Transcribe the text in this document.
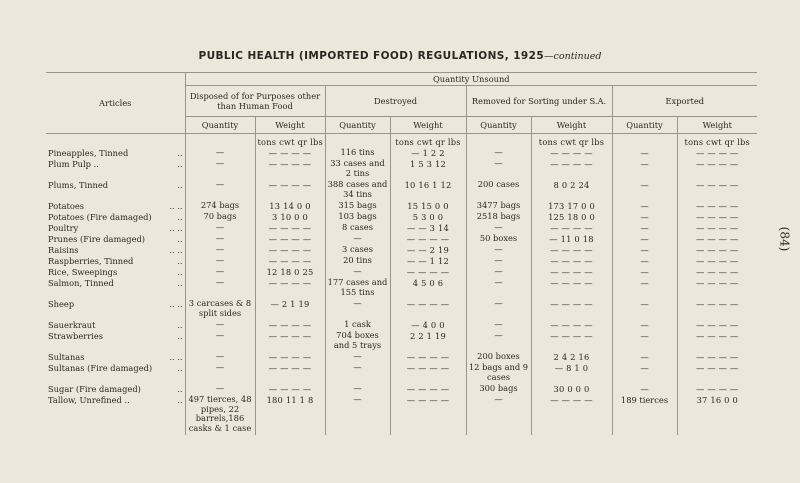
PUBLIC HEALTH (IMPORTED FOOD) REGULATIONS, 1925—continued
Articles	Quantity Unsound							
	Disposed of for Purposes other than Human Food		Destroyed		Removed for Sorting under S.A.		Exported	
	Quantity	Weight	Quantity	Weight	Quantity	Weight	Quantity	Weight
		tons cwt qr lbs		tons cwt qr lbs		tons cwt qr lbs		tons cwt qr lbs
Pineapples, Tinned ..	—	— — — —	116 tins	— 1 2 2	—	— — — —	—	— — — —
Plum Pulp .. ..	—	— — — —	33 cases and 2 tins	1 5 3 12	—	— — — —	—	— — — —
Plums, Tinned ..	—	— — — —	388 cases and 34 tins	10 16 1 12	200 cases	8 0 2 24	—	— — — —
Potatoes .. ..	274 bags	13 14 0 0	315 bags	15 15 0 0	3477 bags	173 17 0 0	—	— — — —
Potatoes (Fire damaged) ..	70 bags	3 10 0 0	103 bags	5 3 0 0	2518 bags	125 18 0 0	—	— — — —
Poultry .. ..	—	— — — —	8 cases	— — 3 14	—	— — — —	—	— — — —
Prunes (Fire damaged) ..	—	— — — —	—	— — — —	50 boxes	— 11 0 18	—	— — — —
Raisins .. ..	—	— — — —	3 cases	— — 2 19	—	— — — —	—	— — — —
Raspberries, Tinned ..	—	— — — —	20 tins	— — 1 12	—	— — — —	—	— — — —
Rice, Sweepings ..	—	12 18 0 25	—	— — — —	—	— — — —	—	— — — —
Salmon, Tinned ..	—	— — — —	177 cases and 155 tins	4 5 0 6	—	— — — —	—	— — — —
Sheep .. ..	3 carcases & 8 split sides	— 2 1 19	—	— — — —	—	— — — —	—	— — — —
Sauerkraut ..	—	— — — —	1 cask	— 4 0 0	—	— — — —	—	— — — —
Strawberries ..	—	— — — —	704 boxes and 5 trays	2 2 1 19	—	— — — —	—	— — — —
Sultanas .. ..	—	— — — —	—	— — — —	200 boxes	2 4 2 16	—	— — — —
Sultanas (Fire damaged) ..	—	— — — —	—	— — — —	12 bags and 9 cases	— 8 1 0	—	— — — —
Sugar (Fire damaged) ..	—	— — — —	—	— — — —	300 bags	30 0 0 0	—	— — — —
Tallow, Unrefined .. ..	497 tierces, 48 pipes, 22 barrels,186 casks & 1 case	180 11 1 8	—	— — — —	—	— — — —	189 tierces	37 16 0 0
(84)
